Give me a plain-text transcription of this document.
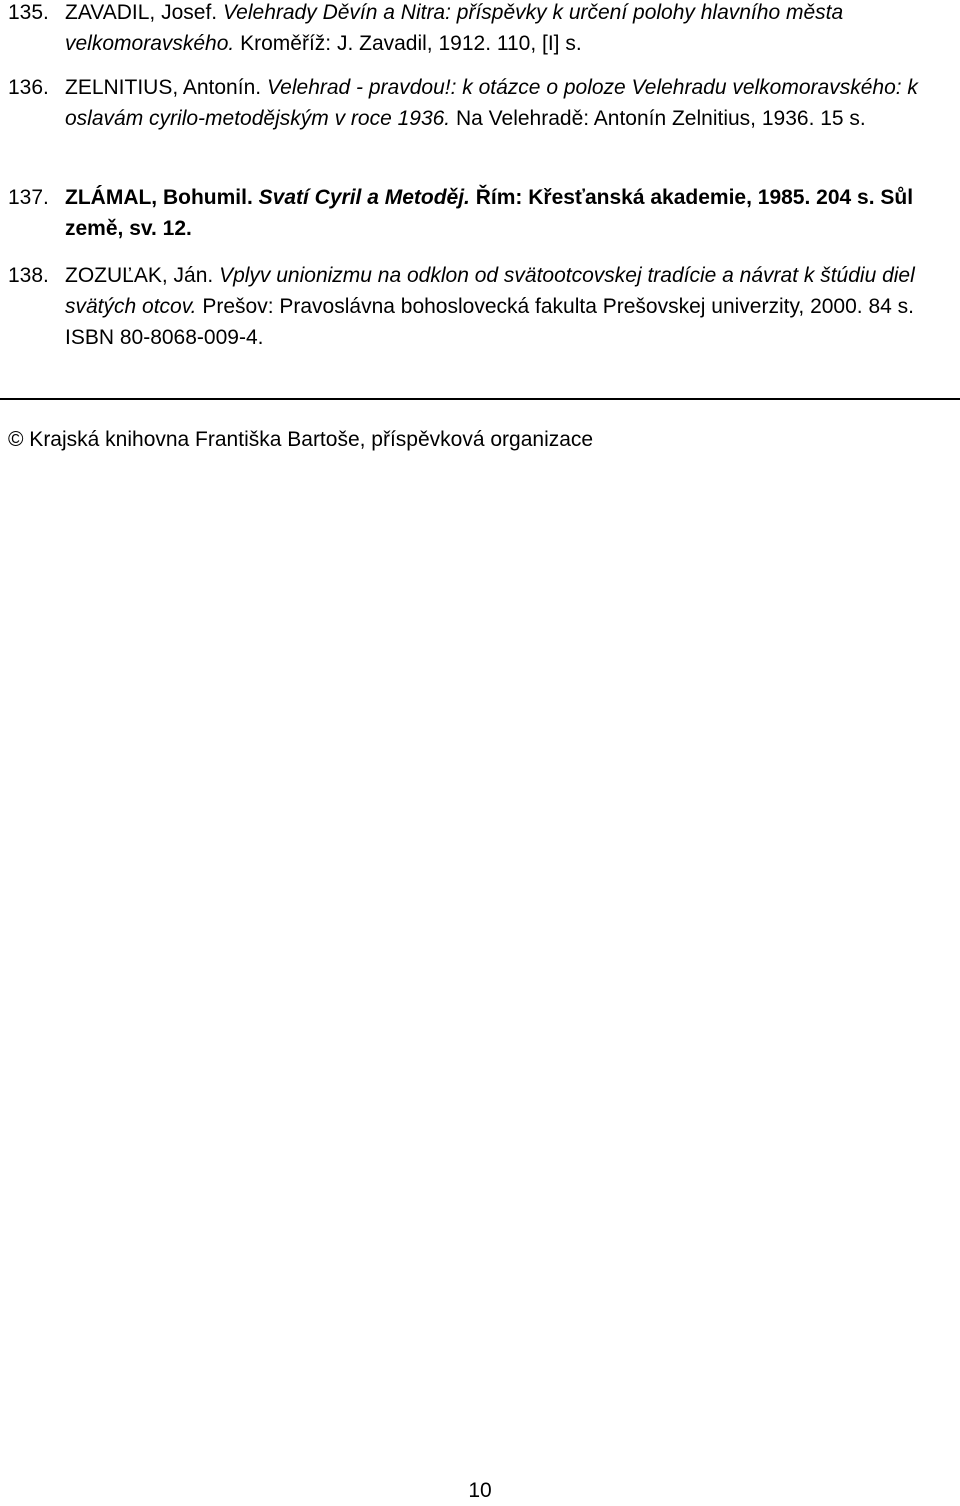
135. ZAVADIL, Josef. Velehrady Děvín a Nitra: příspěvky k určení polohy hlavního města velkomoravského. Kroměříž: J. Zavadil, 1912. 110, [I] s.

136. ZELNITIUS, Antonín. Velehrad - pravdou!: k otázce o poloze Velehradu velkomoravského: k oslavám cyrilo-metodějským v roce 1936. Na Velehradě: Antonín Zelnitius, 1936. 15 s.

137. ZLÁMAL, Bohumil. Svatí Cyril a Metoděj. Řím: Křesťanská akademie, 1985. 204 s. Sůl země, sv. 12.

138. ZOZUĽAK, Ján. Vplyv unionizmu na odklon od svätootcovskej tradície a návrat k štúdiu diel svätých otcov. Prešov: Pravoslávna bohoslovecká fakulta Prešovskej univerzity, 2000. 84 s. ISBN 80-8068-009-4.

© Krajská knihovna Františka Bartoše, příspěvková organizace
10
